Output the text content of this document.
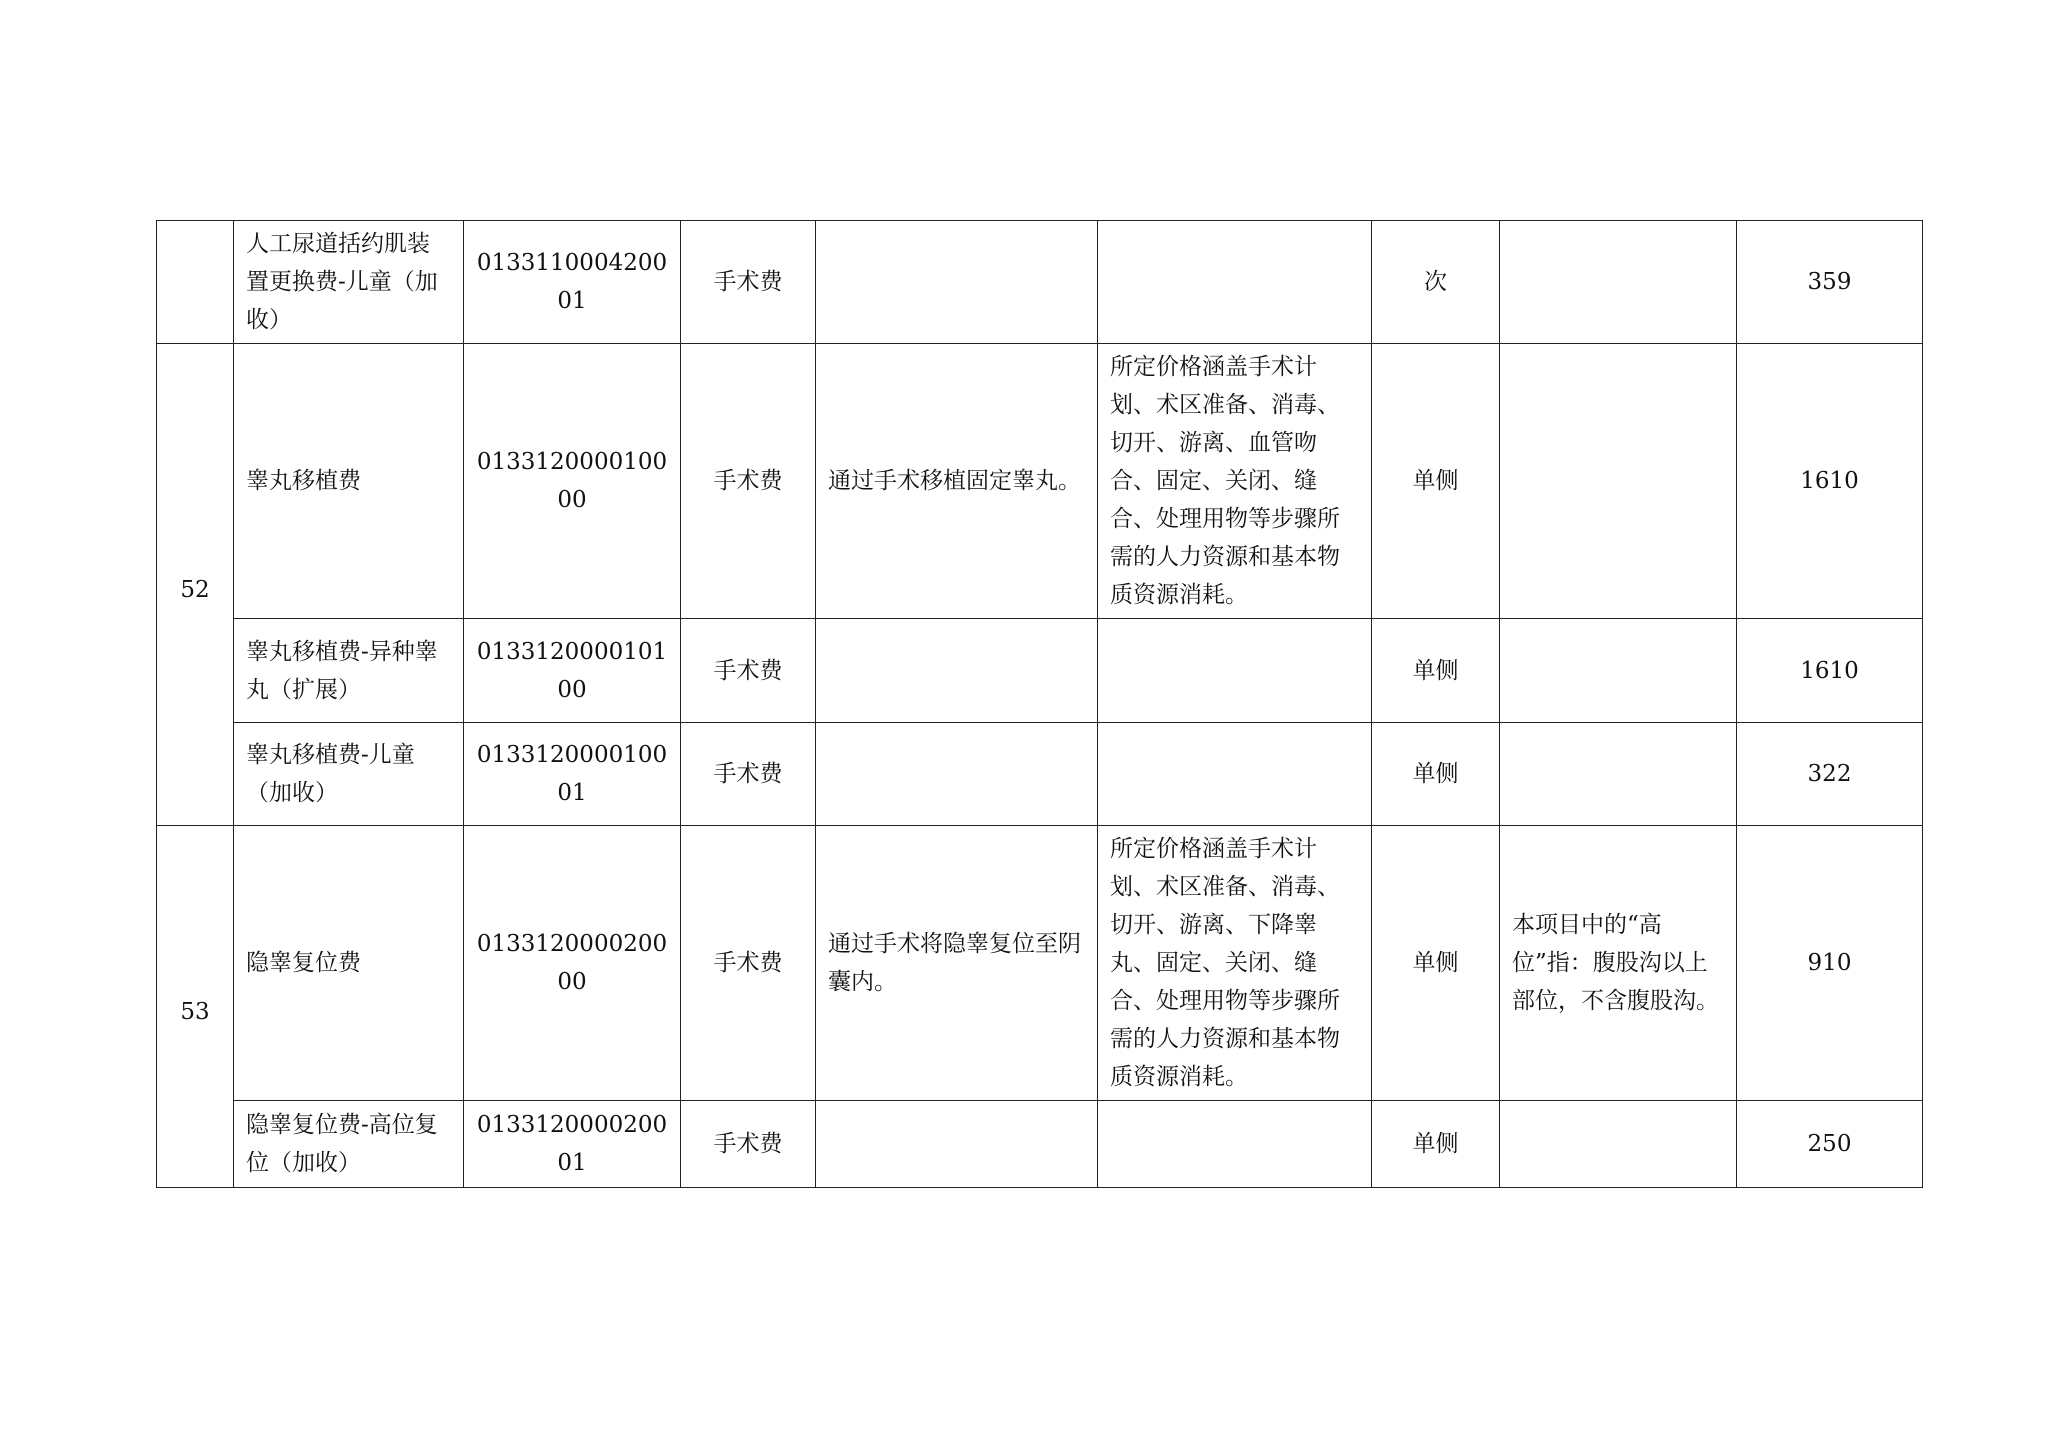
	人工尿道括约肌装置更换费-儿童（加收）	013311000420001	手术费			次		359
52	睾丸移植费	013312000010000	手术费	通过手术移植固定睾丸。	所定价格涵盖手术计划、术区准备、消毒、切开、游离、血管吻合、固定、关闭、缝合、处理用物等步骤所需的人力资源和基本物质资源消耗。	单侧		1610
	睾丸移植费-异种睾丸（扩展）	013312000010100	手术费			单侧		1610
	睾丸移植费-儿童（加收）	013312000010001	手术费			单侧		322
53	隐睾复位费	013312000020000	手术费	通过手术将隐睾复位至阴囊内。	所定价格涵盖手术计划、术区准备、消毒、切开、游离、下降睾丸、固定、关闭、缝合、处理用物等步骤所需的人力资源和基本物质资源消耗。	单侧	本项目中的“高位”指：腹股沟以上部位，不含腹股沟。	910
	隐睾复位费-高位复位（加收）	013312000020001	手术费			单侧		250
